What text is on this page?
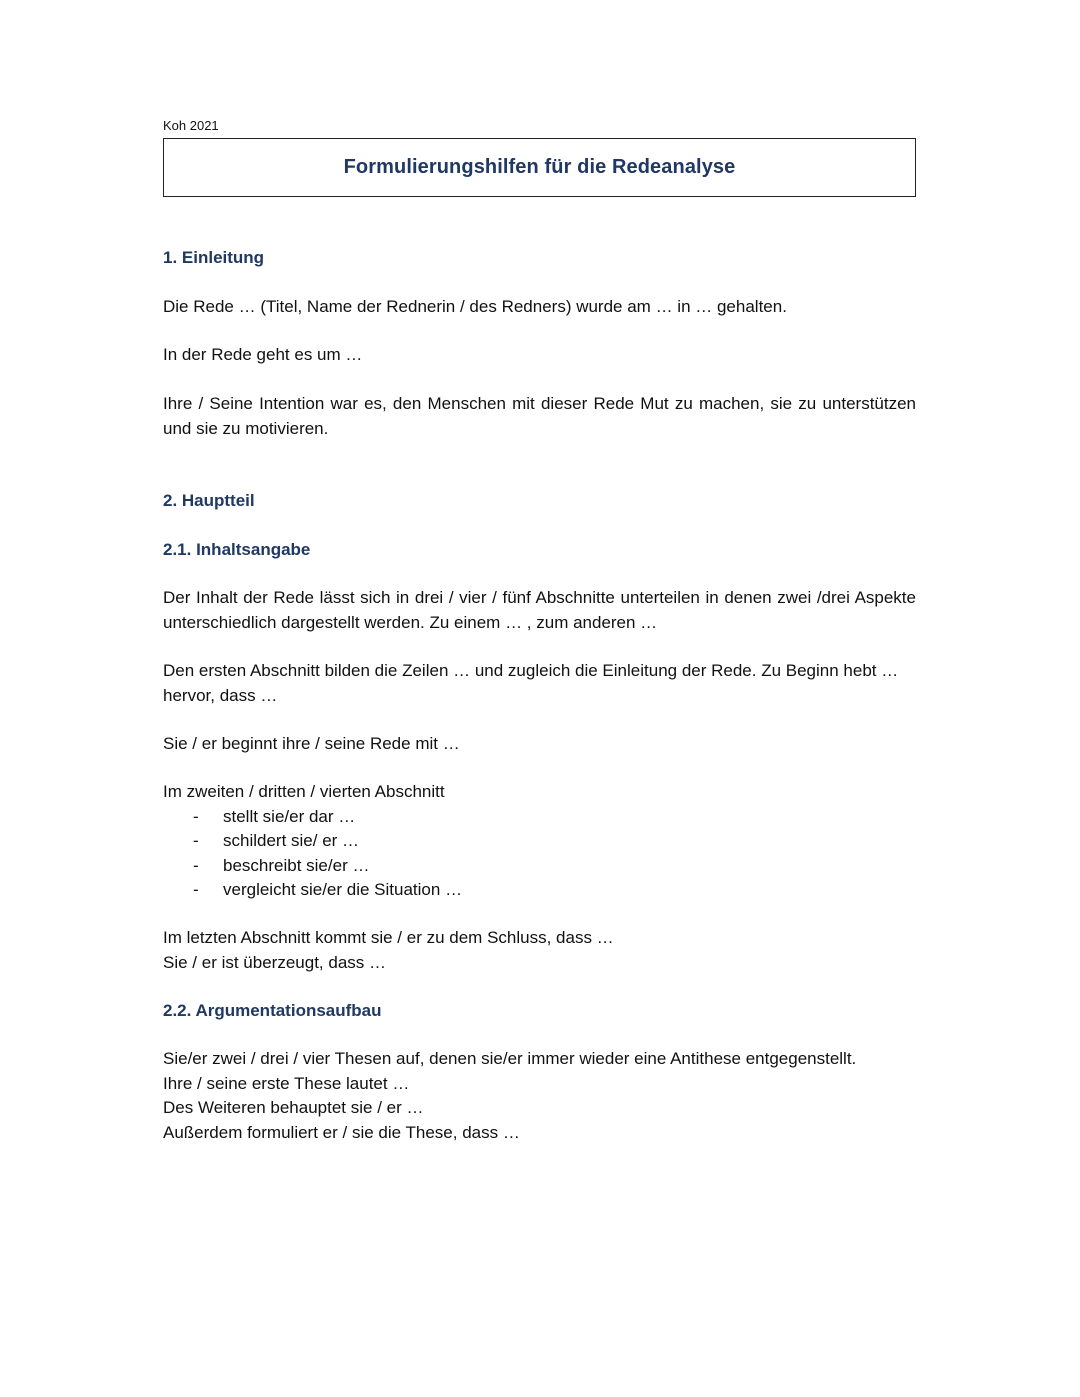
Koh 2021
Formulierungshilfen für die Redeanalyse

1. Einleitung

Die Rede … (Titel, Name der Rednerin / des Redners) wurde am … in … gehalten.

In der Rede geht es um …

Ihre / Seine Intention war es, den Menschen mit dieser Rede Mut zu machen, sie zu unterstützen und sie zu motivieren.

2. Hauptteil

2.1. Inhaltsangabe

Der Inhalt der Rede lässt sich in drei / vier / fünf Abschnitte unterteilen in denen zwei /drei Aspekte unterschiedlich dargestellt werden. Zu einem … , zum anderen …

Den ersten Abschnitt bilden die Zeilen … und zugleich die Einleitung der Rede. Zu Beginn hebt … hervor, dass …

Sie / er beginnt ihre / seine Rede mit …

Im zweiten / dritten / vierten Abschnitt
- stellt sie/er dar …
- schildert sie/ er …
- beschreibt sie/er …
- vergleicht sie/er die Situation …
Im letzten Abschnitt kommt sie / er zu dem Schluss, dass …
Sie / er ist überzeugt, dass …

2.2. Argumentationsaufbau

Sie/er zwei / drei / vier Thesen auf, denen sie/er immer wieder eine Antithese entgegenstellt.
Ihre / seine erste These lautet …
Des Weiteren behauptet sie / er …
Außerdem formuliert er / sie die These, dass …
